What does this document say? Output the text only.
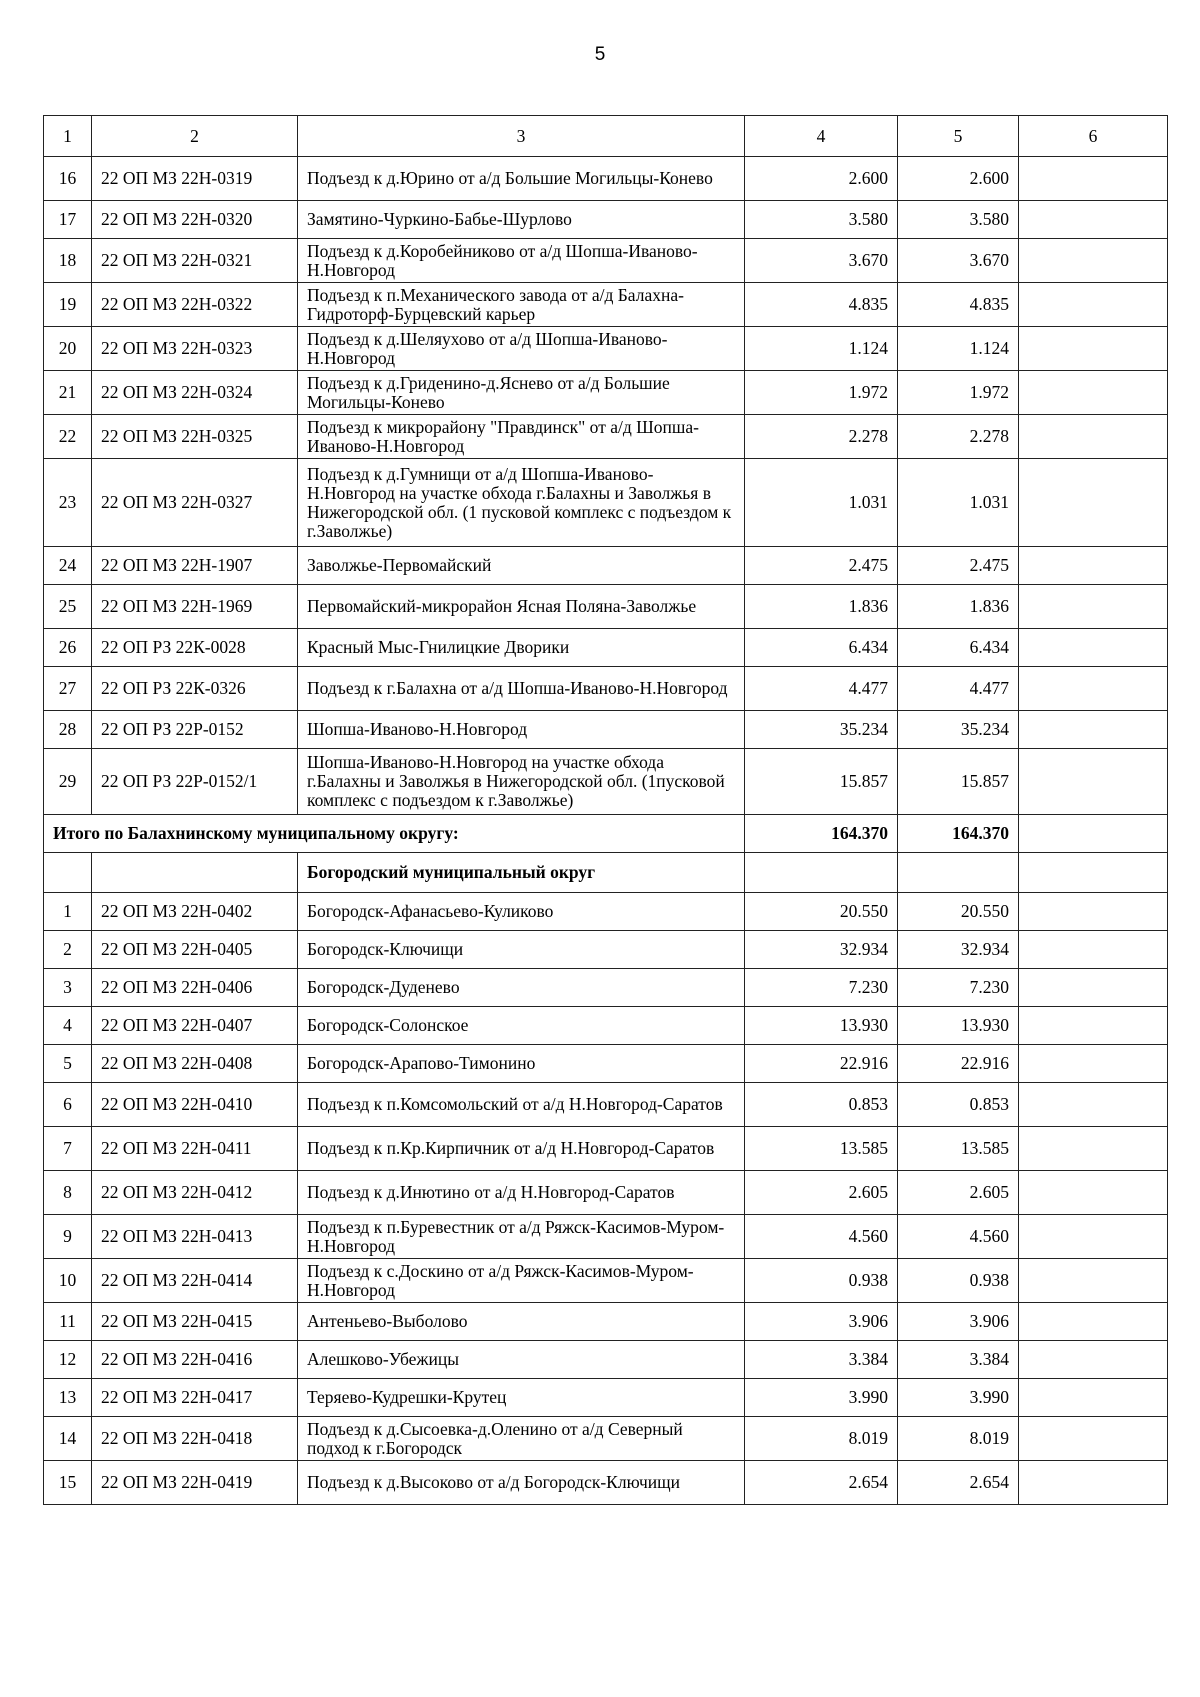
5
1	2	3	4	5	6
16	22 ОП МЗ 22Н-0319	Подъезд к д.Юрино от а/д Большие Могильцы-Конево	2.600	2.600	
17	22 ОП МЗ 22Н-0320	Замятино-Чуркино-Бабье-Шурлово	3.580	3.580	
18	22 ОП МЗ 22Н-0321	Подъезд к д.Коробейниково от а/д Шопша-Иваново-Н.Новгород	3.670	3.670	
19	22 ОП МЗ 22Н-0322	Подъезд к п.Механического завода от а/д Балахна-Гидроторф-Бурцевский карьер	4.835	4.835	
20	22 ОП МЗ 22Н-0323	Подъезд к д.Шеляухово от а/д Шопша-Иваново-Н.Новгород	1.124	1.124	
21	22 ОП МЗ 22Н-0324	Подъезд к д.Гриденино-д.Яснево от а/д Большие Могильцы-Конево	1.972	1.972	
22	22 ОП МЗ 22Н-0325	Подъезд к микрорайону "Правдинск" от а/д Шопша-Иваново-Н.Новгород	2.278	2.278	
23	22 ОП МЗ 22Н-0327	Подъезд к д.Гумнищи от а/д Шопша-Иваново-Н.Новгород на участке обхода г.Балахны и Заволжья в Нижегородской обл. (1 пусковой комплекс с подъездом к г.Заволжье)	1.031	1.031	
24	22 ОП МЗ 22Н-1907	Заволжье-Первомайский	2.475	2.475	
25	22 ОП МЗ 22Н-1969	Первомайский-микрорайон Ясная Поляна-Заволжье	1.836	1.836	
26	22 ОП РЗ 22К-0028	Красный Мыс-Гнилицкие Дворики	6.434	6.434	
27	22 ОП РЗ 22К-0326	Подъезд к г.Балахна от а/д Шопша-Иваново-Н.Новгород	4.477	4.477	
28	22 ОП РЗ 22Р-0152	Шопша-Иваново-Н.Новгород	35.234	35.234	
29	22 ОП РЗ 22Р-0152/1	Шопша-Иваново-Н.Новгород на участке обхода г.Балахны и Заволжья в Нижегородской обл. (1пусковой комплекс с подъездом к г.Заволжье)	15.857	15.857	
Итого по Балахнинскому муниципальному округу:			164.370	164.370	
		Богородский муниципальный округ			
1	22 ОП МЗ 22Н-0402	Богородск-Афанасьево-Куликово	20.550	20.550	
2	22 ОП МЗ 22Н-0405	Богородск-Ключищи	32.934	32.934	
3	22 ОП МЗ 22Н-0406	Богородск-Дуденево	7.230	7.230	
4	22 ОП МЗ 22Н-0407	Богородск-Солонское	13.930	13.930	
5	22 ОП МЗ 22Н-0408	Богородск-Арапово-Тимонино	22.916	22.916	
6	22 ОП МЗ 22Н-0410	Подъезд к п.Комсомольский от а/д Н.Новгород-Саратов	0.853	0.853	
7	22 ОП МЗ 22Н-0411	Подъезд к п.Кр.Кирпичник от а/д Н.Новгород-Саратов	13.585	13.585	
8	22 ОП МЗ 22Н-0412	Подъезд к д.Инютино от а/д Н.Новгород-Саратов	2.605	2.605	
9	22 ОП МЗ 22Н-0413	Подъезд к п.Буревестник от а/д Ряжск-Касимов-Муром-Н.Новгород	4.560	4.560	
10	22 ОП МЗ 22Н-0414	Подъезд к с.Доскино от а/д Ряжск-Касимов-Муром-Н.Новгород	0.938	0.938	
11	22 ОП МЗ 22Н-0415	Антеньево-Выболово	3.906	3.906	
12	22 ОП МЗ 22Н-0416	Алешково-Убежицы	3.384	3.384	
13	22 ОП МЗ 22Н-0417	Теряево-Кудрешки-Крутец	3.990	3.990	
14	22 ОП МЗ 22Н-0418	Подъезд к д.Сысоевка-д.Оленино от а/д Северный подход к г.Богородск	8.019	8.019	
15	22 ОП МЗ 22Н-0419	Подъезд к д.Высоково от а/д Богородск-Ключищи	2.654	2.654	
